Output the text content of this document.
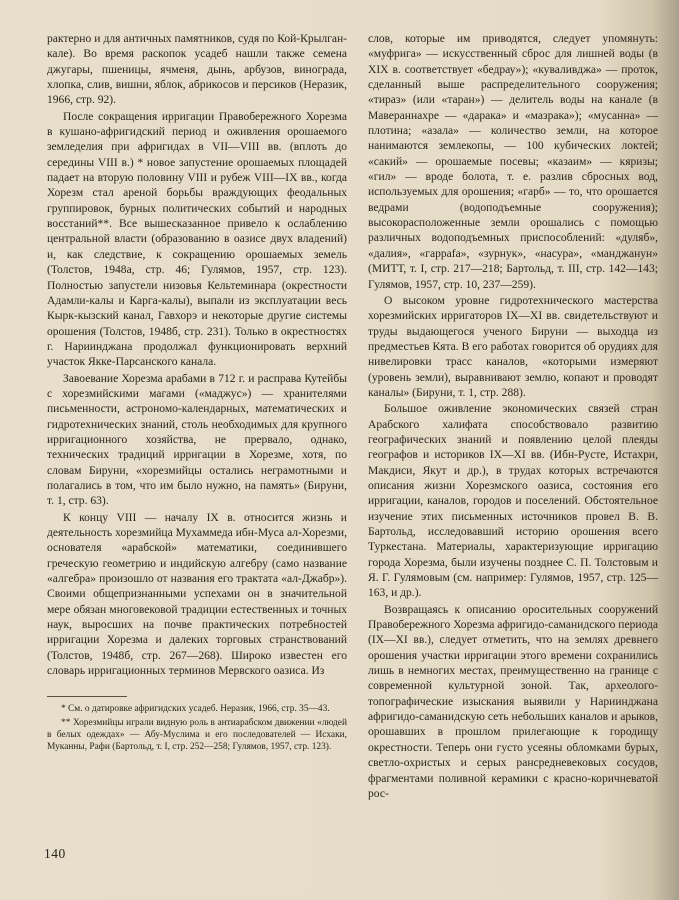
рактерно и для античных памятников, судя по Кой-Крылган-кале). Во время раскопок усадеб нашли также семена джугары, пшеницы, ячменя, дынь, арбузов, винограда, хлопка, слив, вишни, яблок, абрикосов и персиков (Неразик, 1966, стр. 92).

После сокращения ирригации Правобережного Хорезма в кушано-афригидский период и оживления орошаемого земледелия при афригидах в VII—VIII вв. (вплоть до середины VIII в.) * новое запустение орошаемых площадей падает на вторую половину VIII и рубеж VIII—IX вв., когда Хорезм стал ареной борьбы враждующих феодальных группировок, бурных политических событий и народных восстаний**. Все вышесказанное привело к ослаблению центральной власти (образованию в оазисе двух владений) и, как следствие, к сокращению орошаемых земель (Толстов, 1948а, стр. 46; Гулямов, 1957, стр. 123). Полностью запустели низовья Кельтеминара (окрестности Адамли-калы и Карга-калы), выпали из эксплуатации весь Кырк-кызский канал, Гавхорэ и некоторые другие системы орошения (Толстов, 1948б, стр. 231). Только в окрестностях г. Нариинджана продолжал функционировать верхний участок Якке-Парсанского канала.

Завоевание Хорезма арабами в 712 г. и расправа Кутейбы с хорезмийскими магами («маджус») — хранителями письменности, астрономо-календарных, математических и гидротехнических знаний, столь необходимых для крупного ирригационного хозяйства, не прервало, однако, технических традиций ирригации в Хорезме, хотя, по словам Бируни, «хорезмийцы остались неграмотными и полагались в том, что им было нужно, на память» (Бируни, т. 1, стр. 63).

К концу VIII — началу IX в. относится жизнь и деятельность хорезмийца Мухаммеда ибн-Муса ал-Хорезми, основателя «арабской» математики, соединившего греческую геометрию и индийскую алгебру (само название «алгебра» произошло от названия его трактата «ал-Джабр»). Своими общепризнанными успехами он в значительной мере обязан многовековой традиции естественных и точных наук, выросших на почве практических потребностей ирригации Хорезма и далеких торговых странствований (Толстов, 1948б, стр. 267—268). Широко известен его словарь ирригационных терминов Мервского оазиса. Из

* См. о датировке афригидских усадеб. Неразик, 1966, стр. 35—43.

** Хорезмийцы играли видную роль в антиарабском движении «людей в белых одеждах» — Абу-Муслима и его последователей — Исхаки, Муканны, Рафи (Бартольд, т. I, стр. 252—258; Гулямов, 1957, стр. 123).

слов, которые им приводятся, следует упомянуть: «муфрига» — искусственный сброс для лишней воды (в XIX в. соответствует «бедрау»); «куваливджа» — проток, сделанный выше распределительного сооружения; «тираз» (или «таран») — делитель воды на канале (в Мавераннахре — «дарака» и «мазрака»); «мусанна» — плотина; «азала» — количество земли, на которое нанимаются землекопы, — 100 кубических локтей; «сакий» — орошаемые посевы; «казаим» — кяризы; «гил» — вроде болота, т. е. разлив сбросных вод, используемых для орошения; «гарб» — то, что орошается ведрами (водоподъемные сооружения); высокорасположенные земли орошались с помощью различных водоподъемных приспособлений: «дуляб», «далия», «гарраfa», «зурнук», «насура», «манджанун» (МИТТ, т. I, стр. 217—218; Бартольд, т. III, стр. 142—143; Гулямов, 1957, стр. 10, 237—259).

О высоком уровне гидротехнического мастерства хорезмийских ирригаторов IX—XI вв. свидетельствуют и труды выдающегося ученого Бируни — выходца из предместьев Кята. В его работах говорится об орудиях для нивелировки трасс каналов, «которыми измеряют (уровень земли), выравнивают землю, копают и проводят каналы» (Бируни, т. 1, стр. 288).

Большое оживление экономических связей стран Арабского халифата способствовало развитию географических знаний и появлению целой плеяды географов и историков IX—XI вв. (Ибн-Русте, Истахри, Макдиси, Якут и др.), в трудах которых встречаются описания жизни Хорезмского оазиса, состояния его ирригации, каналов, городов и поселений. Обстоятельное изучение этих письменных источников провел В. В. Бартольд, исследовавший историю орошения всего Туркестана. Материалы, характеризующие ирригацию города Хорезма, были изучены позднее С. П. Толстовым и Я. Г. Гулямовым (см. например: Гулямов, 1957, стр. 125—163, и др.).

Возвращаясь к описанию оросительных сооружений Правобережного Хорезма афригидо-саманидского периода (IX—XI вв.), следует отметить, что на землях древнего орошения участки ирригации этого времени сохранились лишь в немногих местах, преимущественно на границе с современной культурной зоной. Так, археолого-топографические изыскания выявили у Нариинджана афригидо-саманидскую сеть небольших каналов и арыков, орошавших в прошлом прилегающие к городищу окрестности. Теперь они густо усеяны обломками бурых, светло-охристых и серых рансредневековых сосудов, фрагментами поливной керамики с красно-коричневатой рос-

140
